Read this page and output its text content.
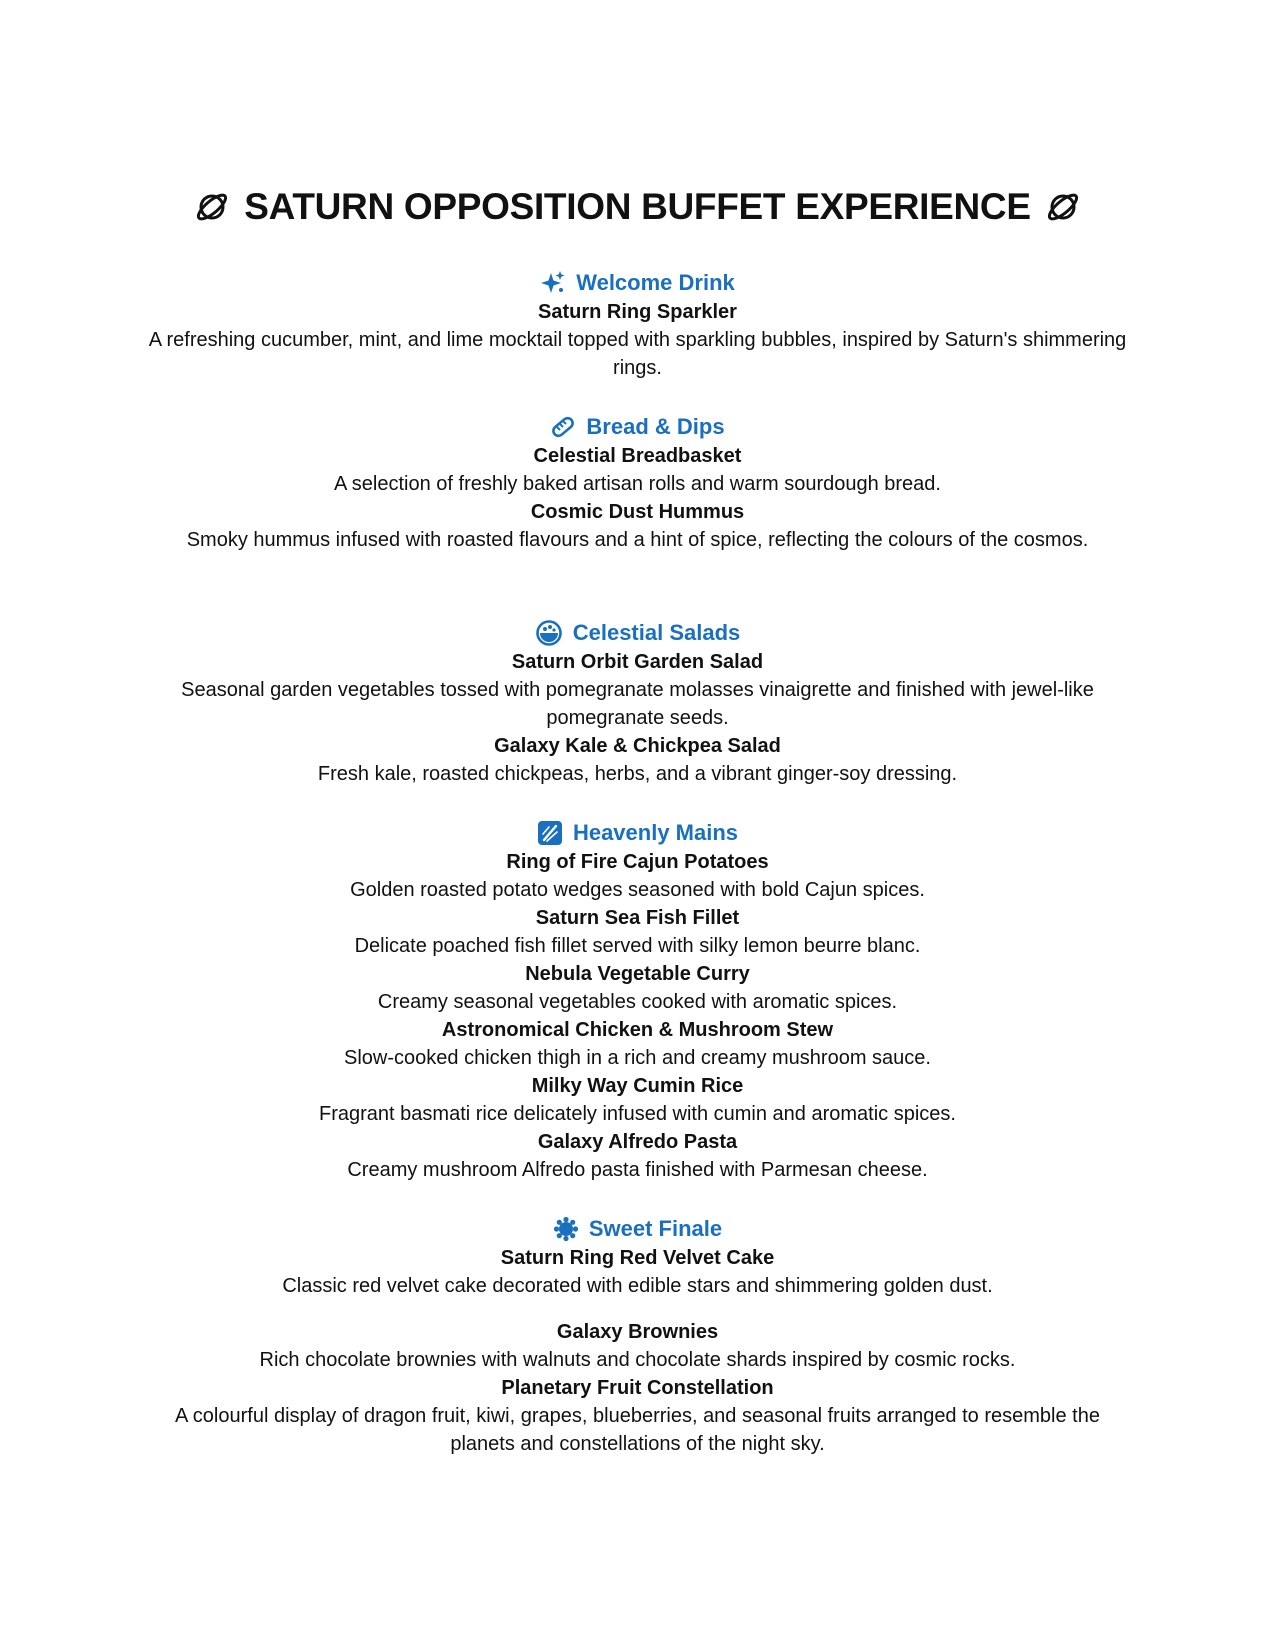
SATURN OPPOSITION BUFFET EXPERIENCE
Welcome Drink
Saturn Ring Sparkler
A refreshing cucumber, mint, and lime mocktail topped with sparkling bubbles, inspired by Saturn's shimmering rings.
Bread & Dips
Celestial Breadbasket
A selection of freshly baked artisan rolls and warm sourdough bread.
Cosmic Dust Hummus
Smoky hummus infused with roasted flavours and a hint of spice, reflecting the colours of the cosmos.
Celestial Salads
Saturn Orbit Garden Salad
Seasonal garden vegetables tossed with pomegranate molasses vinaigrette and finished with jewel-like pomegranate seeds.
Galaxy Kale & Chickpea Salad
Fresh kale, roasted chickpeas, herbs, and a vibrant ginger-soy dressing.
Heavenly Mains
Ring of Fire Cajun Potatoes
Golden roasted potato wedges seasoned with bold Cajun spices.
Saturn Sea Fish Fillet
Delicate poached fish fillet served with silky lemon beurre blanc.
Nebula Vegetable Curry
Creamy seasonal vegetables cooked with aromatic spices.
Astronomical Chicken & Mushroom Stew
Slow-cooked chicken thigh in a rich and creamy mushroom sauce.
Milky Way Cumin Rice
Fragrant basmati rice delicately infused with cumin and aromatic spices.
Galaxy Alfredo Pasta
Creamy mushroom Alfredo pasta finished with Parmesan cheese.
Sweet Finale
Saturn Ring Red Velvet Cake
Classic red velvet cake decorated with edible stars and shimmering golden dust.
Galaxy Brownies
Rich chocolate brownies with walnuts and chocolate shards inspired by cosmic rocks.
Planetary Fruit Constellation
A colourful display of dragon fruit, kiwi, grapes, blueberries, and seasonal fruits arranged to resemble the planets and constellations of the night sky.
